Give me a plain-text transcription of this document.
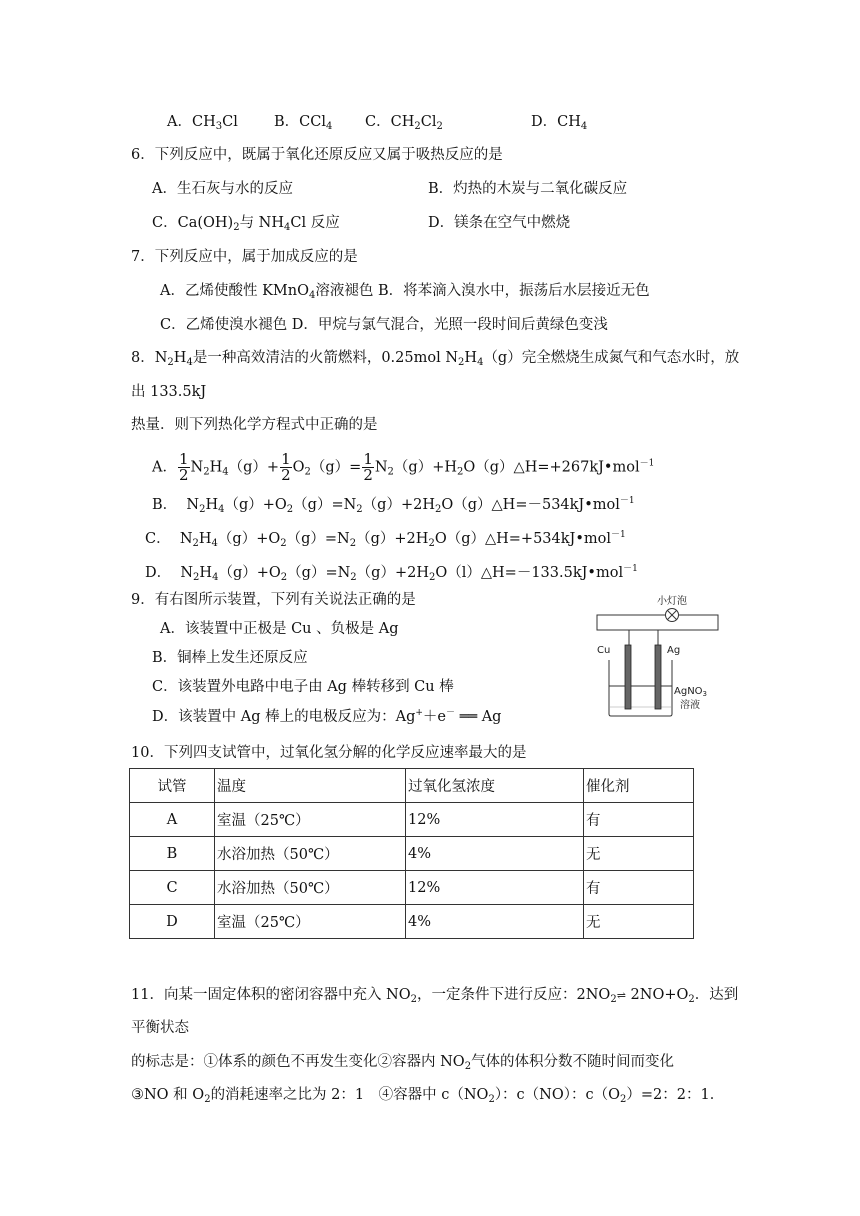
A．$CH_3Cl$ B．CCl$_4$ C．$CH_2Cl_2$	D．$CH_4$
6．下列反应中，既属于氧化还原反应又属于吸热反应的是
A．生石灰与水的反应	B．灼热的木炭与二氧化碳反应
C．$Ca(OH)_2$与 $NH_4Cl$ 反应	D．镁条在空气中燃烧
7．下列反应中，属于加成反应的是
A．乙烯使酸性 KMnO$_4$溶液褪色 B．将苯滴入溴水中，振荡后水层接近无色
C．乙烯使溴水褪色 D．甲烷与氯气混合，光照一段时间后黄绿色变浅
8．$N_2H_4$是一种高效清洁的火箭燃料，0.25mol $N_2H_4(g)$完全燃烧生成氮气和气态水时，放
出 133.5kJ
热量．则下列热化学方程式中正确的是
A． $\frac{1}{2} N_2H_4(g)+ \frac{1}{2} O_2(g)= \frac{1}{2}$ $N_2(g)+H_2O(g)\triangle H=+267kJ•mol^{-1}$
B． $N_2H_4(g)+O_2(g)=N_2(g)+2H_2O(g)\triangle H=-534kJ•mol^{-1}$
C． $N_2H_4(g)+O_2(g)=N_2(g)+2H_2O(g)\triangle H=+534kJ•mol^{-1}$
D． $N_2H_4(g)+O_2(g)=N_2(g)+2H_2O(l)\triangle H=-133.5kJ•mol^{-1}$
9．有右图所示装置，下列有关说法正确的是
A．该装置中正极是 Cu 、负极是 Ag
B．铜棒上发生还原反应
C．该装置外电路中电子由 Ag 棒转移到 Cu 棒
D．该装置中 Ag 棒上的电极反应为：Ag+＋e－ ══ Ag
小灯泡
Cu	Ag
AgNO$_3$
溶液
10．下列四支试管中，过氧化氢分解的化学反应速率最大的是
试管	温度	过氧化氢浓度	催化剂
A	室温（25℃）	12%	有
B	水浴加热（50℃）	4%	无
C	水浴加热（50℃）	12%	有
D	室温（25℃）	4%	无
11．向某一固定体积的密闭容器中充入 $NO_2$，一定条件下进行反应：$2NO_2\rightleftharpoons$ $2NO+O_2$．达到
平衡状态
的标志是：①体系的颜色不再发生变化②容器内 $NO_2$气体的体积分数不随时间而变化
③NO 和 $O_2$的消耗速率之比为 2：1　④容器中 $c(NO_2)$：c（NO）：$c(O_2)=2$：2：1．
